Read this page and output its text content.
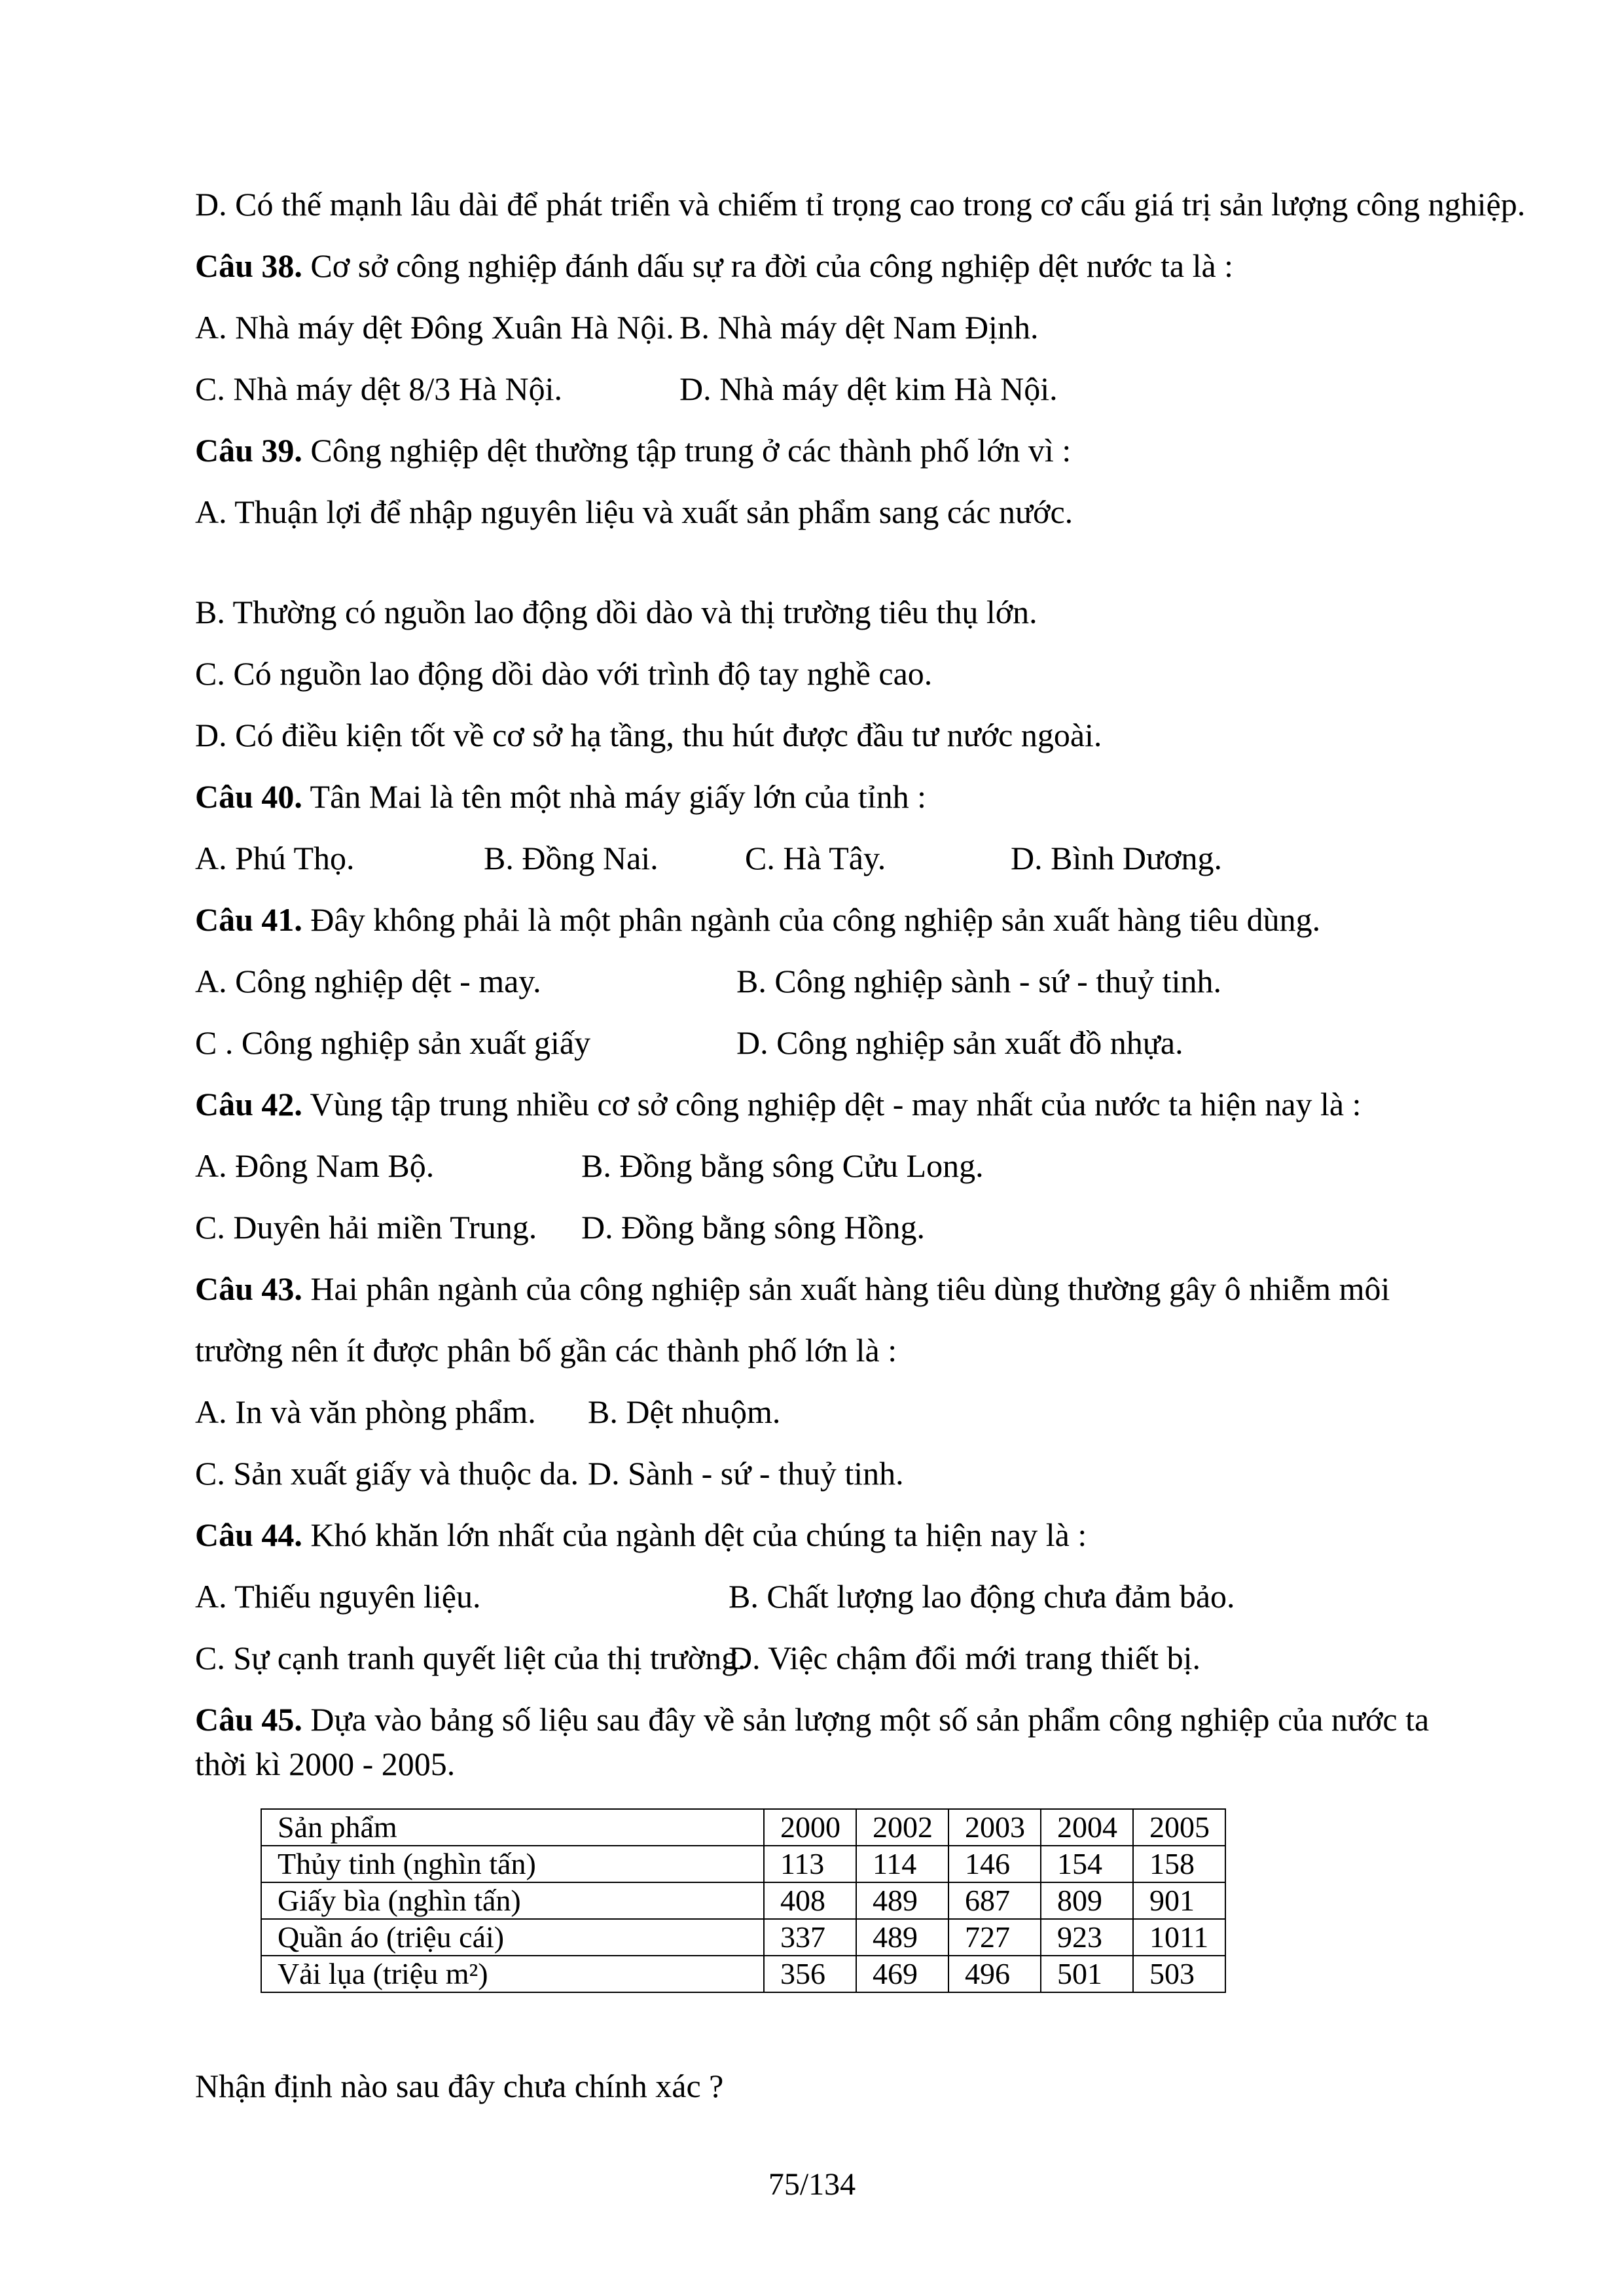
D. Có thế mạnh lâu dài để phát triển và chiếm tỉ trọng cao trong cơ cấu giá trị sản lượng công nghiệp.
Câu 38. Cơ sở công nghiệp đánh dấu sự ra đời của công nghiệp dệt nước ta là :
A. Nhà máy dệt Đông Xuân Hà Nội. B. Nhà máy dệt Nam Định.
C. Nhà máy dệt 8/3 Hà Nội.	D. Nhà máy dệt kim Hà Nội.
Câu 39. Công nghiệp dệt thường tập trung ở các thành phố lớn vì :
A. Thuận lợi để nhập nguyên liệu và xuất sản phẩm sang các nước.
B. Thường có nguồn lao động dồi dào và thị trường tiêu thụ lớn.
C. Có nguồn lao động dồi dào với trình độ tay nghề cao.
D. Có điều kiện tốt về cơ sở hạ tầng, thu hút được đầu tư nước ngoài.
Câu 40. Tân Mai là tên một nhà máy giấy lớn của tỉnh :
A. Phú Thọ.	B. Đồng Nai.	C. Hà Tây.	D. Bình Dương.
Câu 41. Đây không phải là một phân ngành của công nghiệp sản xuất hàng tiêu dùng.
A. Công nghiệp dệt - may.	B. Công nghiệp sành - sứ - thuỷ tinh.
C . Công nghiệp sản xuất giấy	D. Công nghiệp sản xuất đồ nhựa.
Câu 42. Vùng tập trung nhiều cơ sở công nghiệp dệt - may nhất của nước ta hiện nay là :
A. Đông Nam Bộ.	B. Đồng bằng sông Cửu Long.
C. Duyên hải miền Trung.	D. Đồng bằng sông Hồng.
Câu 43. Hai phân ngành của công nghiệp sản xuất hàng tiêu dùng thường gây ô nhiễm môi
trường nên ít được phân bố gần các thành phố lớn là :
A. In và văn phòng phẩm.	B. Dệt nhuộm.
C. Sản xuất giấy và thuộc da. D. Sành - sứ - thuỷ tinh.
Câu 44. Khó khăn lớn nhất của ngành dệt của chúng ta hiện nay là :
A. Thiếu nguyên liệu.	B. Chất lượng lao động chưa đảm bảo.
C. Sự cạnh tranh quyết liệt của thị trường.
D. Việc chậm đổi mới trang thiết bị.
Câu 45. Dựa vào bảng số liệu sau đây về sản lượng một số sản phẩm công nghiệp của nước ta
thời kì 2000 - 2005.
Sản phẩm	2000	2002	2003	2004	2005
Thủy tinh (nghìn tấn)	113	114	146	154	158
Giấy bìa (nghìn tấn)	408	489	687	809	901
Quần áo (triệu cái)	337	489	727	923	1011
Vải lụa (triệu m²)	356	469	496	501	503
Nhận định nào sau đây chưa chính xác ?
75/134
